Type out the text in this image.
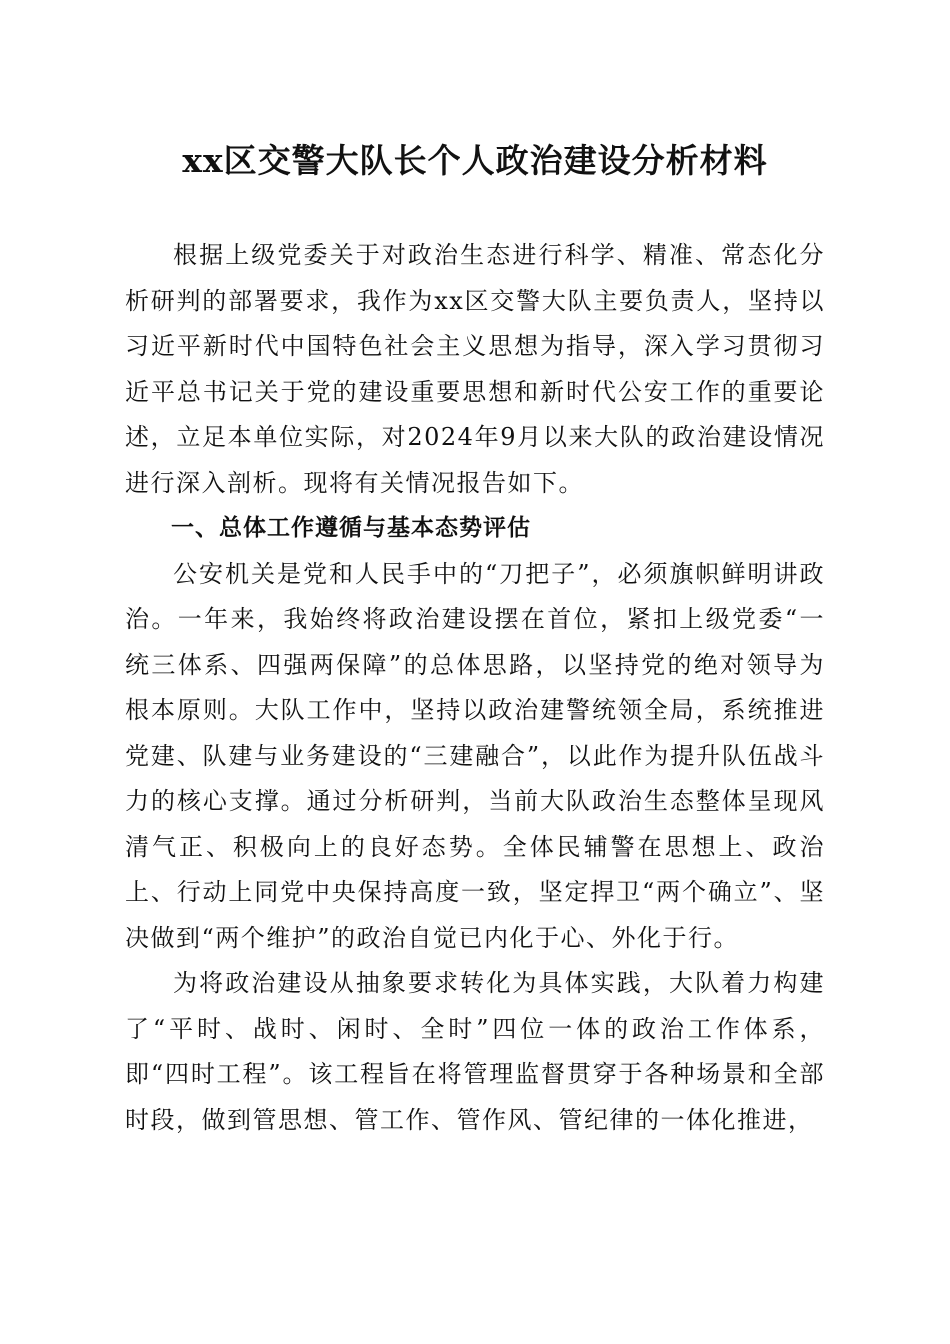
xx区交警大队长个人政治建设分析材料

根据上级党委关于对政治生态进行科学、精准、常态化分析研判的部署要求，我作为xx区交警大队主要负责人，坚持以习近平新时代中国特色社会主义思想为指导，深入学习贯彻习近平总书记关于党的建设重要思想和新时代公安工作的重要论述，立足本单位实际，对2024年9月以来大队的政治建设情况进行深入剖析。现将有关情况报告如下。

一、总体工作遵循与基本态势评估

公安机关是党和人民手中的“刀把子”，必须旗帜鲜明讲政治。一年来，我始终将政治建设摆在首位，紧扣上级党委“一统三体系、四强两保障”的总体思路，以坚持党的绝对领导为根本原则。大队工作中，坚持以政治建警统领全局，系统推进党建、队建与业务建设的“三建融合”，以此作为提升队伍战斗力的核心支撑。通过分析研判，当前大队政治生态整体呈现风清气正、积极向上的良好态势。全体民辅警在思想上、政治上、行动上同党中央保持高度一致，坚定捍卫“两个确立”、坚决做到“两个维护”的政治自觉已内化于心、外化于行。

为将政治建设从抽象要求转化为具体实践，大队着力构建了“平时、战时、闲时、全时”四位一体的政治工作体系，即“四时工程”。该工程旨在将管理监督贯穿于各种场景和全部时段，做到管思想、管工作、管作风、管纪律的一体化推进，
